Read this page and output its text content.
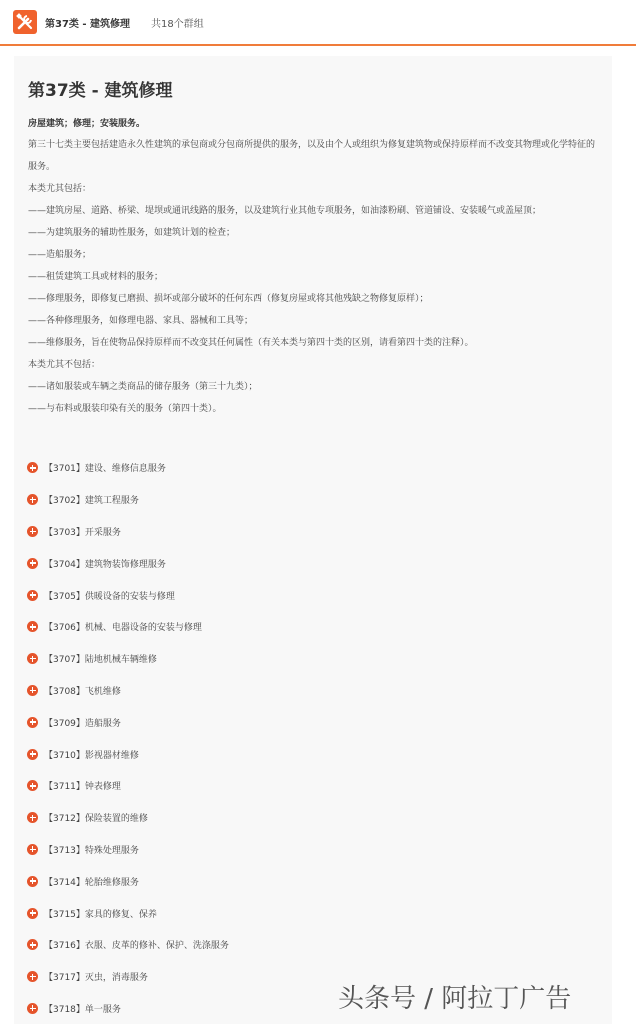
第37类 - 建筑修理 共18个群组
第37类 - 建筑修理
房屋建筑；修理；安装服务。

第三十七类主要包括建造永久性建筑的承包商或分包商所提供的服务，以及由个人或组织为修复建筑物或保持原样而不改变其物理或化学特征的服务。

本类尤其包括：

——建筑房屋、道路、桥梁、堤坝或通讯线路的服务，以及建筑行业其他专项服务，如油漆粉刷、管道铺设、安装暖气或盖屋顶；

——为建筑服务的辅助性服务，如建筑计划的检查；

——造船服务；

——租赁建筑工具或材料的服务；

——修理服务，即修复已磨损、损坏或部分破坏的任何东西（修复房屋或将其他残缺之物修复原样）；

——各种修理服务，如修理电器、家具、器械和工具等；

——维修服务，旨在使物品保持原样而不改变其任何属性（有关本类与第四十类的区别，请看第四十类的注释）。

本类尤其不包括：

——诸如服装或车辆之类商品的储存服务（第三十九类）；

——与布料或服装印染有关的服务（第四十类）。

【3701】建设、维修信息服务
【3702】建筑工程服务
【3703】开采服务
【3704】建筑物装饰修理服务
【3705】供暖设备的安装与修理
【3706】机械、电器设备的安装与修理
【3707】陆地机械车辆维修
【3708】飞机维修
【3709】造船服务
【3710】影视器材维修
【3711】钟表修理
【3712】保险装置的维修
【3713】特殊处理服务
【3714】轮胎维修服务
【3715】家具的修复、保养
【3716】衣服、皮革的修补、保护、洗涤服务
【3717】灭虫，消毒服务
【3718】单一服务	头条号 / 阿拉丁广告
